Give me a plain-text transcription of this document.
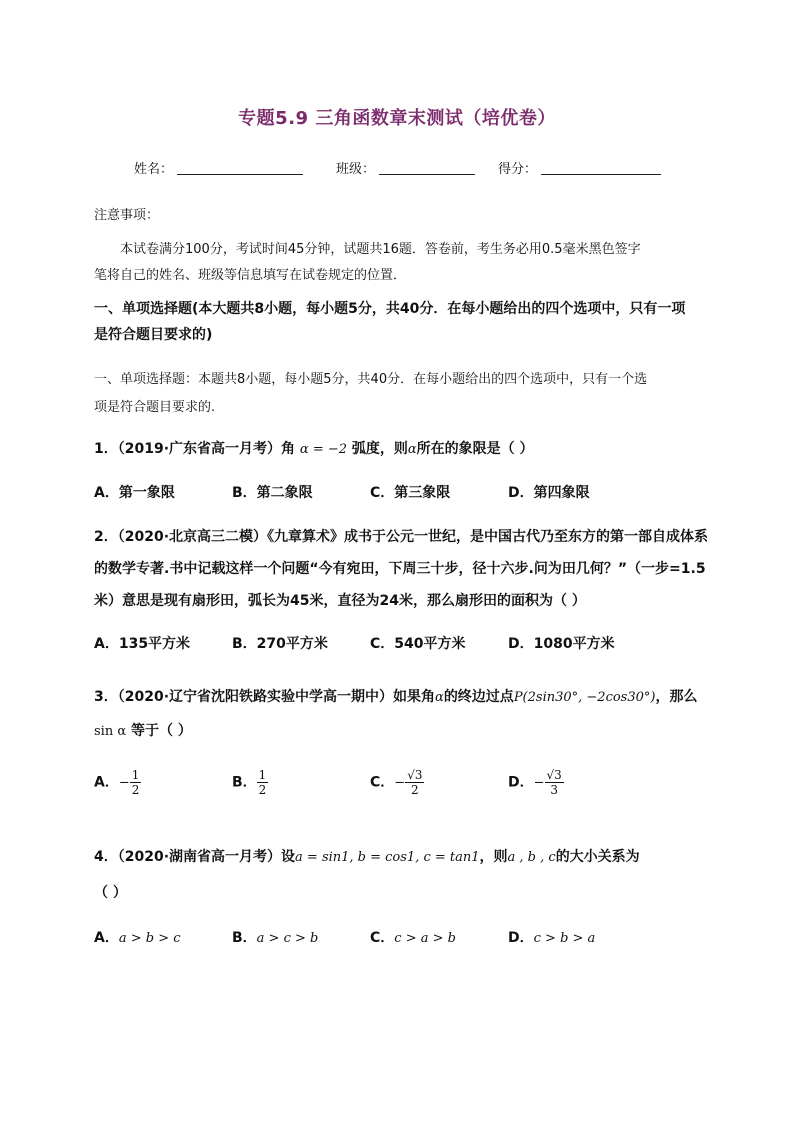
专题5.9 三角函数章末测试（培优卷）
姓名：	班级：	得分：
注意事项：
本试卷满分100分，考试时间45分钟，试题共16题．答卷前，考生务必用0.5毫米黑色签字
笔将自己的姓名、班级等信息填写在试卷规定的位置．
一、单项选择题(本大题共8小题，每小题5分，共40分．在每小题给出的四个选项中，只有一项
是符合题目要求的)
一、单项选择题：本题共8小题，每小题5分，共40分．在每小题给出的四个选项中，只有一个选
项是符合题目要求的.
1．（2019·广东省高一月考）角 α = −2 弧度，则α所在的象限是（ ）
A．第一象限	B．第二象限	C．第三象限	D．第四象限
2．（2020·北京高三二模）《九章算术》成书于公元一世纪，是中国古代乃至东方的第一部自成体系
的数学专著.书中记载这样一个问题“今有宛田，下周三十步，径十六步.问为田几何？”（一步=1.5
米）意思是现有扇形田，弧长为45米，直径为24米，那么扇形田的面积为（ ）
A．135平方米	B．270平方米	C．540平方米	D．1080平方米
3．（2020·辽宁省沈阳铁路实验中学高一期中）如果角α的终边过点P(2sin30°, −2cos30°)，那么
sin α 等于（ ）
A．− $\frac{1}{2}$	B． $\frac{1}{2}$	C．− $\frac{√3}{2}$	D．− $\frac{√3}{3}$
4．（2020·湖南省高一月考）设a = sin1, b = cos1, c = tan1，则a , b , c的大小关系为
（ ）
A．a > b > c	B．a > c > b	C．c > a > b	D．c > b > a
